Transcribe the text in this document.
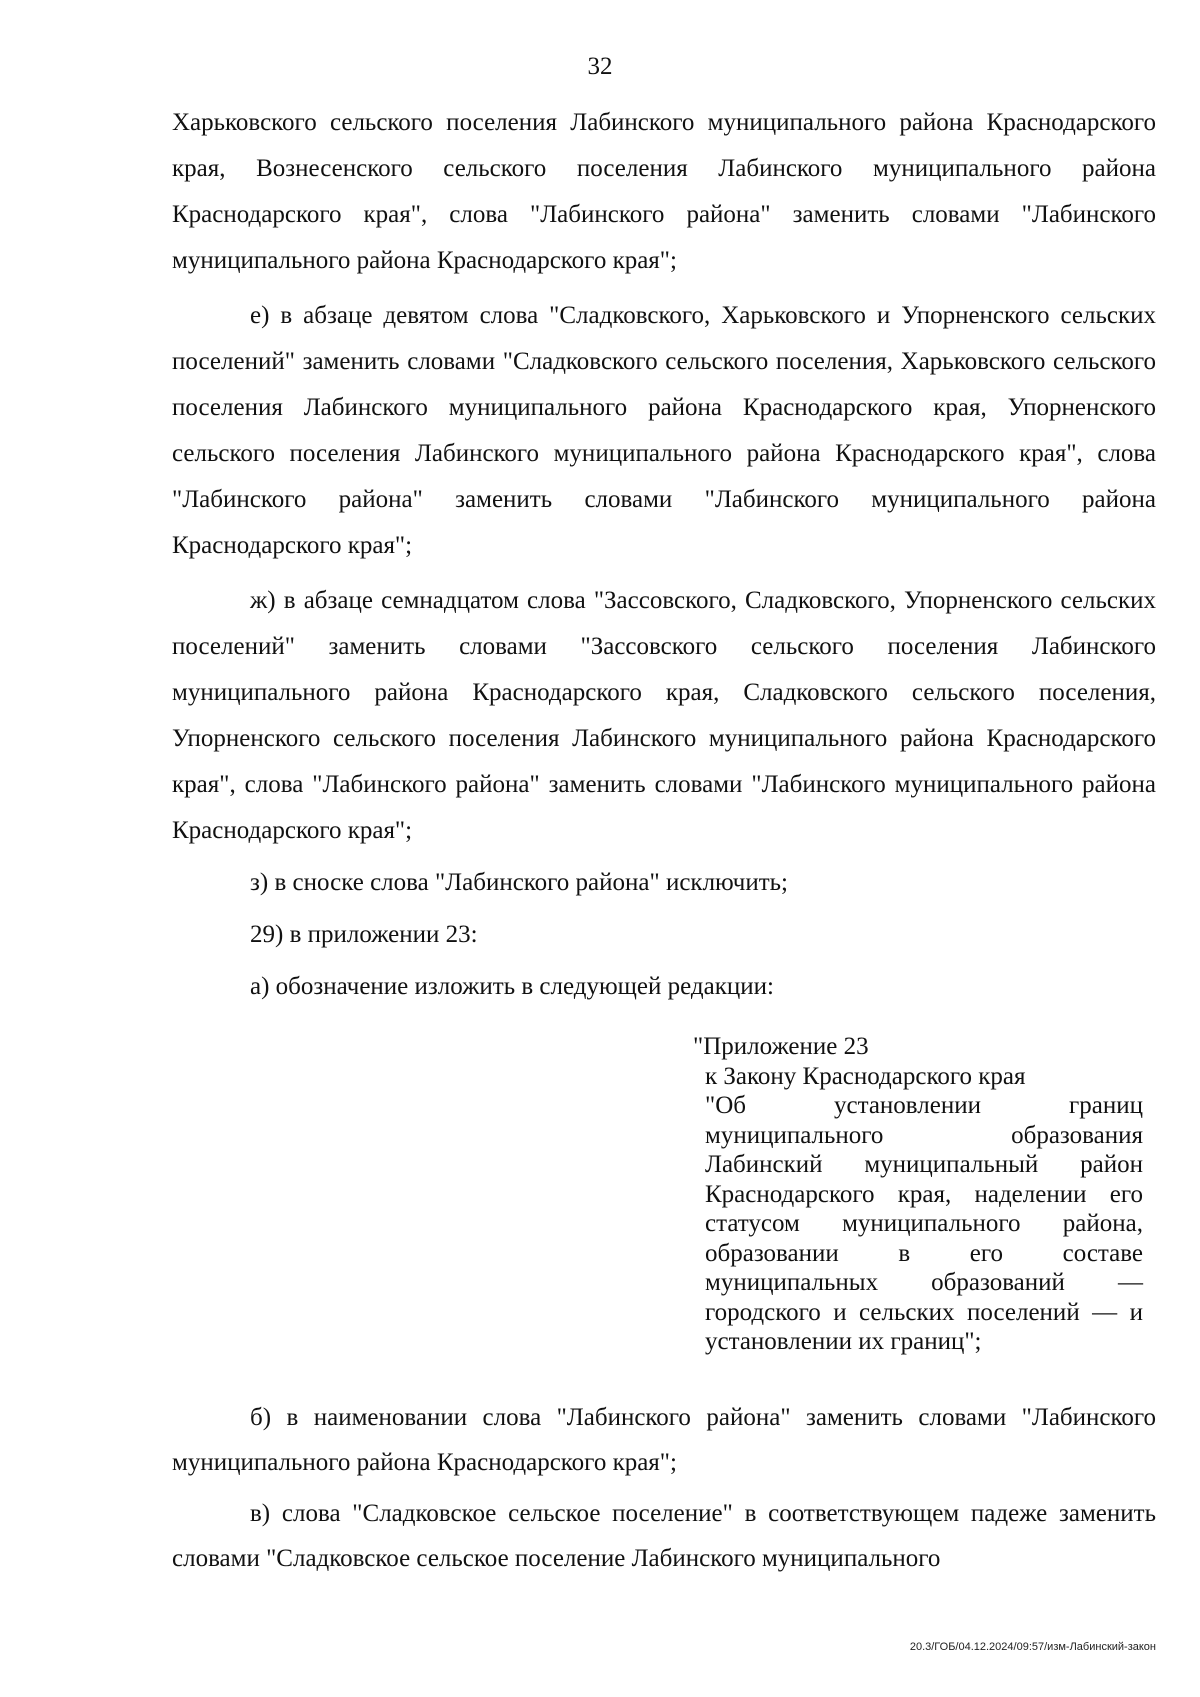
32

Харьковского сельского поселения Лабинского муниципального района Краснодарского края, Вознесенского сельского поселения Лабинского муниципального района Краснодарского края", слова "Лабинского района" заменить словами "Лабинского муниципального района Краснодарского края";

е) в абзаце девятом слова "Сладковского, Харьковского и Упорненского сельских поселений" заменить словами "Сладковского сельского поселения, Харьковского сельского поселения Лабинского муниципального района Краснодарского края, Упорненского сельского поселения Лабинского муниципального района Краснодарского края", слова "Лабинского района" заменить словами "Лабинского муниципального района Краснодарского края";

ж) в абзаце семнадцатом слова "Зассовского, Сладковского, Упорненского сельских поселений" заменить словами "Зассовского сельского поселения Лабинского муниципального района Краснодарского края, Сладковского сельского поселения, Упорненского сельского поселения Лабинского муниципального района Краснодарского края", слова "Лабинского района" заменить словами "Лабинского муниципального района Краснодарского края";

з) в сноске слова "Лабинского района" исключить;

29) в приложении 23:

а) обозначение изложить в следующей редакции:

"Приложение 23

к Закону Краснодарского края

"Об установлении границ муниципального образования Лабинский муниципальный район Краснодарского края, наделении его статусом муниципального района, образовании в его составе муниципальных образований — городского и сельских поселений — и установлении их границ";

б) в наименовании слова "Лабинского района" заменить словами "Лабинского муниципального района Краснодарского края";

в) слова "Сладковское сельское поселение" в соответствующем падеже заменить словами "Сладковское сельское поселение Лабинского муниципального

20.3/ГОБ/04.12.2024/09:57/изм-Лабинский-закон
